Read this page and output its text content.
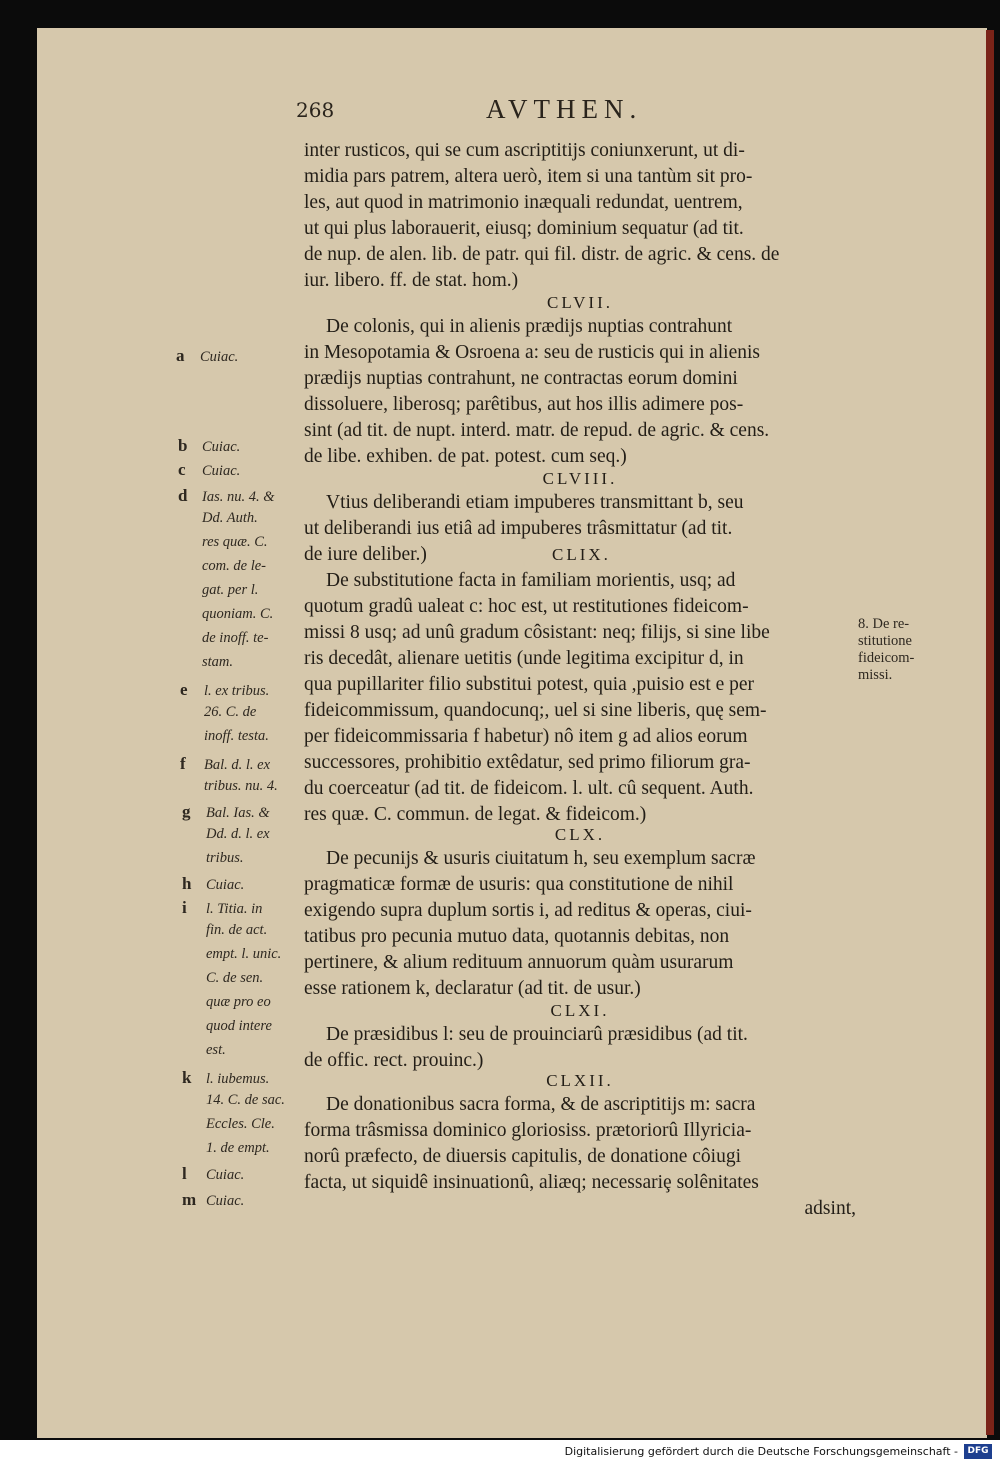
268	AVTHEN.
inter rusticos, qui se cum ascriptitijs coniunxerunt, ut di-
midia pars patrem, altera uerò, item si una tantùm sit pro-
les, aut quod in matrimonio inæquali redundat, uentrem,
ut qui plus laborauerit, eiusq; dominium sequatur (ad tit.
de nup. de alen. lib. de patr. qui fil. distr. de agric. & cens. de
iur. libero. ff. de stat. hom.)
CLVII.
De colonis, qui in alienis prædijs nuptias contrahunt
in Mesopotamia & Osroena a: seu de rusticis qui in alienis
prædijs nuptias contrahunt, ne contractas eorum domini
dissoluere, liberosq; parêtibus, aut hos illis adimere pos-
sint (ad tit. de nupt. interd. matr. de repud. de agric. & cens.
de libe. exhiben. de pat. potest. cum seq.)
CLVIII.
Vtius deliberandi etiam impuberes transmittant b, seu
ut deliberandi ius etiâ ad impuberes trâsmittatur (ad tit.
de iure deliber.)	CLIX.
De substitutione facta in familiam morientis, usq; ad
quotum gradû ualeat c: hoc est, ut restitutiones fideicom-
missi 8 usq; ad unû gradum côsistant: neq; filijs, si sine libe
ris decedât, alienare uetitis (unde legitima excipitur d, in
qua pupillariter filio substitui potest, quia ,puisio est e per
fideicommissum, quandocunq;, uel si sine liberis, quę sem-
per fideicommissaria f habetur) nô item g ad alios eorum
successores, prohibitio extêdatur, sed primo filiorum gra-
du coerceatur (ad tit. de fideicom. l. ult. cû sequent. Auth.
res quæ. C. commun. de legat. & fideicom.)
CLX.
De pecunijs & usuris ciuitatum h, seu exemplum sacræ
pragmaticæ formæ de usuris: qua constitutione de nihil
exigendo supra duplum sortis i, ad reditus & operas, ciui-
tatibus pro pecunia mutuo data, quotannis debitas, non
pertinere, & alium redituum annuorum quàm usurarum
esse rationem k, declaratur (ad tit. de usur.)
CLXI.
De præsidibus l: seu de prouinciarû præsidibus (ad tit.
de offic. rect. prouinc.)
CLXII.
De donationibus sacra forma, & de ascriptitijs m: sacra
forma trâsmissa dominico gloriosiss. prætoriorû Illyricia-
norû præfecto, de diuersis capitulis, de donatione côiugi
facta, ut siquidê insinuationû, aliæq; necessariȩ solênitates
adsint,
a Cuiac.
b Cuiac.
c Cuiac.
d Ias. nu. 4. &
Dd. Auth.
res quæ. C.
com. de le-
gat. per l.
quoniam. C.
de inoff. te-
stam.
e l. ex tribus.
26. C. de
inoff. testa.
f Bal. d. l. ex
tribus. nu. 4.
g Bal. Ias. &
Dd. d. l. ex
tribus.
h Cuiac.
i l. Titia. in
fin. de act.
empt. l. unic.
C. de sen.
quæ pro eo
quod intere
est.
k l. iubemus.
14. C. de sac.
Eccles. Cle.
1. de empt.
l Cuiac.
m Cuiac.
8. De re-
stitutione
fideicom-
missi.
Digitalisierung gefördert durch die Deutsche Forschungsgemeinschaft -	DFG
